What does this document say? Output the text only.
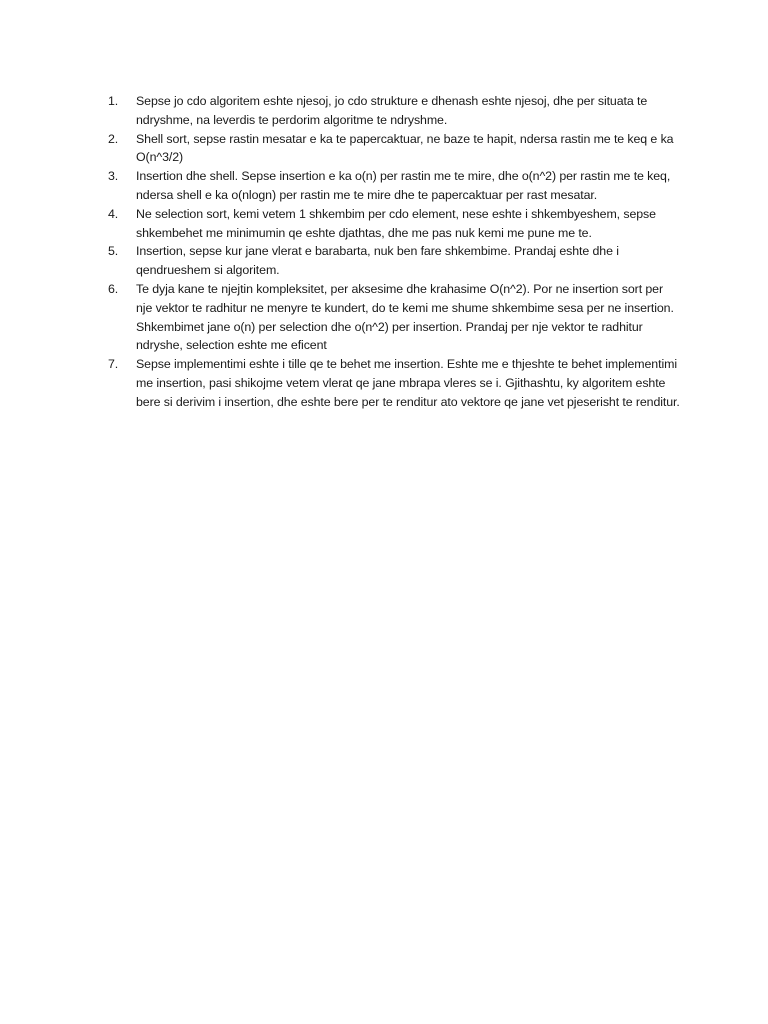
1.	Sepse jo cdo algoritem eshte njesoj, jo cdo strukture e dhenash eshte njesoj, dhe per situata te ndryshme, na leverdis te perdorim algoritme te ndryshme.
2.	Shell sort, sepse rastin mesatar e ka te papercaktuar, ne baze te hapit, ndersa rastin me te keq e ka O(n^3/2)
3.	Insertion dhe shell. Sepse insertion e ka o(n) per rastin me te mire, dhe o(n^2) per rastin me te keq, ndersa shell e ka o(nlogn) per rastin me te mire dhe te papercaktuar per rast mesatar.
4.	Ne selection sort, kemi vetem 1 shkembim per cdo element, nese eshte i shkembyeshem, sepse shkembehet me minimumin qe eshte djathtas, dhe me pas nuk kemi me pune me te.
5.	Insertion, sepse kur jane vlerat e barabarta, nuk ben fare shkembime. Prandaj eshte dhe i qendrueshem si algoritem.
6.	Te dyja kane te njejtin kompleksitet, per aksesime dhe krahasime O(n^2). Por ne insertion sort per nje vektor te radhitur ne menyre te kundert, do te kemi me shume shkembime sesa per ne insertion. Shkembimet jane o(n) per selection dhe o(n^2) per insertion. Prandaj per nje vektor te radhitur ndryshe, selection eshte me eficent
7.	Sepse implementimi eshte i tille qe te behet me insertion. Eshte me e thjeshte te behet implementimi me insertion, pasi shikojme vetem vlerat qe jane mbrapa vleres se i. Gjithashtu, ky algoritem eshte bere si derivim i insertion, dhe eshte bere per te renditur ato vektore qe jane vet pjeserisht te renditur.
